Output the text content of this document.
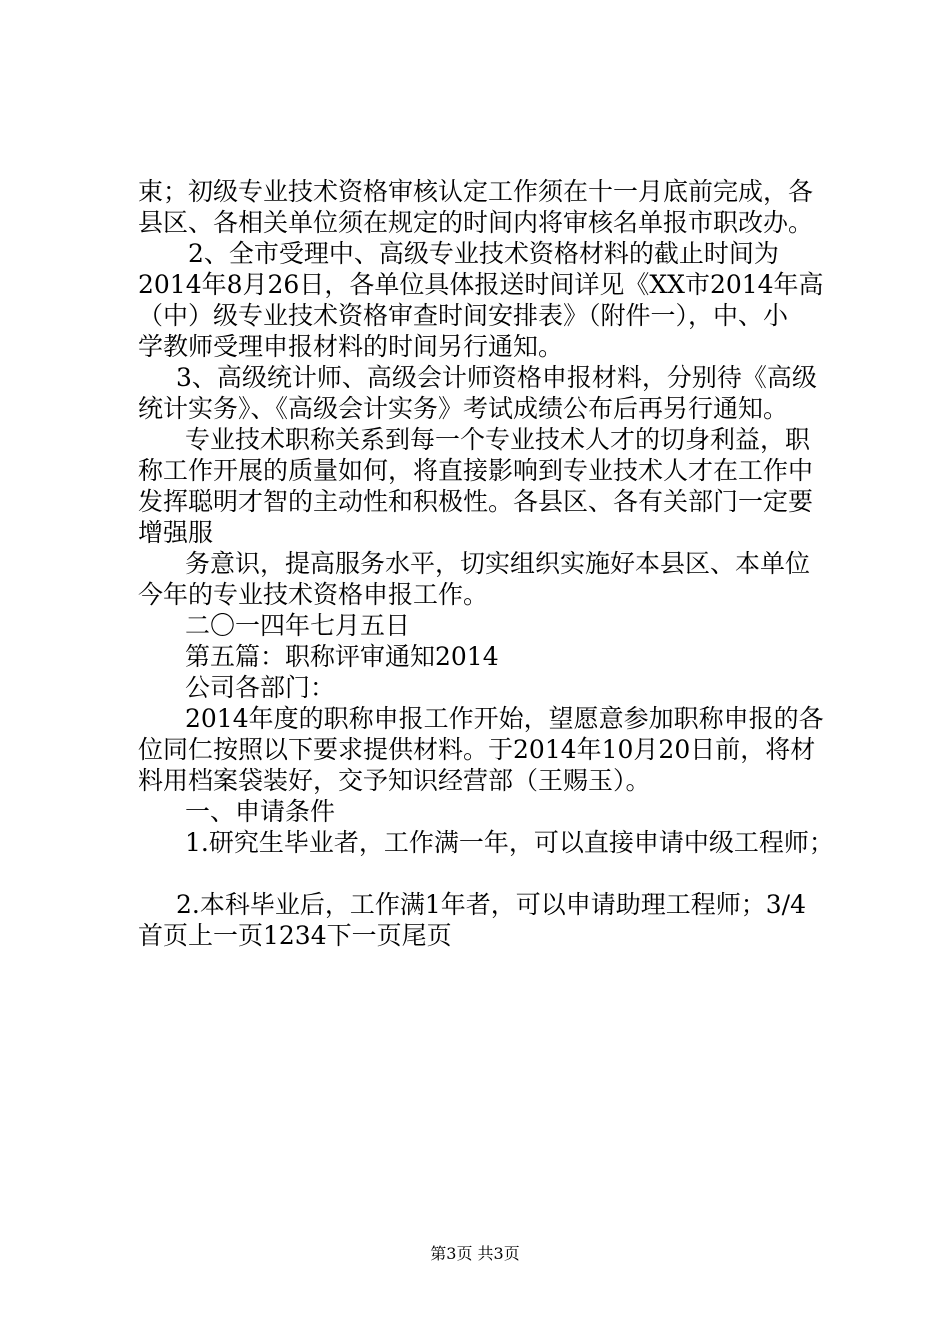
束；初级专业技术资格审核认定工作须在十一月底前完成，各
县区、各相关单位须在规定的时间内将审核名单报市职改办。
2、全市受理中、高级专业技术资格材料的截止时间为
2014年8月26日，各单位具体报送时间详见《XX市2014年高
（中）级专业技术资格审查时间安排表》（附件一），中、小
学教师受理申报材料的时间另行通知。
3、高级统计师、高级会计师资格申报材料，分别待《高级
统计实务》、《高级会计实务》考试成绩公布后再另行通知。
专业技术职称关系到每一个专业技术人才的切身利益，职
称工作开展的质量如何，将直接影响到专业技术人才在工作中
发挥聪明才智的主动性和积极性。各县区、各有关部门一定要
增强服
务意识，提高服务水平，切实组织实施好本县区、本单位
今年的专业技术资格申报工作。
二〇一四年七月五日
第五篇：职称评审通知2014
公司各部门：
2014年度的职称申报工作开始，望愿意参加职称申报的各
位同仁按照以下要求提供材料。于2014年10月20日前，将材
料用档案袋装好，交予知识经营部（王赐玉）。
一、申请条件
1.研究生毕业者，工作满一年，可以直接申请中级工程师；
2.本科毕业后，工作满1年者，可以申请助理工程师；3/4
首页上一页1234下一页尾页
第3页 共3页
